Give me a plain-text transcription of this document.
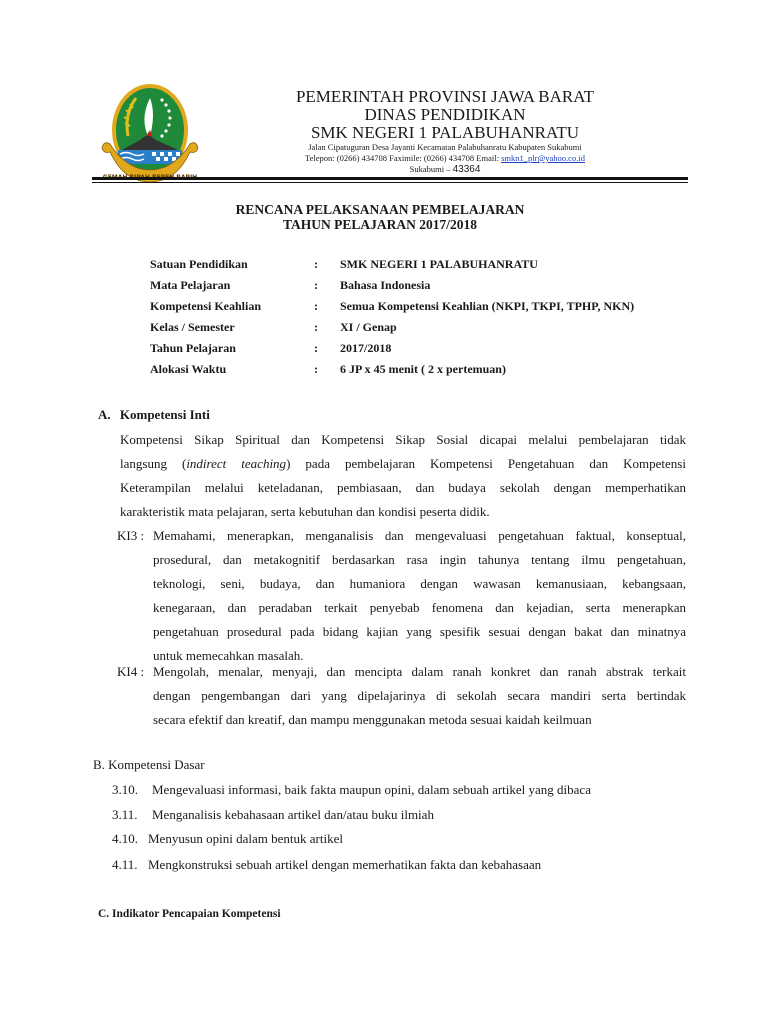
PEMERINTAH PROVINSI JAWA BARAT
DINAS PENDIDIKAN
SMK NEGERI 1 PALABUHANRATU
Jalan Cipatuguran Desa Jayanti Kecamatan Palabuhanratu Kabupaten Sukabumi
Telepon: (0266) 434708 Faximile: (0266) 434708 Email: smkn1_plr@yahoo.co.id
Sukabumi – 43364
RENCANA PELAKSANAAN PEMBELAJARAN
TAHUN PELAJARAN 2017/2018
Satuan Pendidikan	: SMK NEGERI 1 PALABUHANRATU
Mata Pelajaran	: Bahasa Indonesia
Kompetensi Keahlian	: Semua Kompetensi Keahlian (NKPI, TKPI, TPHP, NKN)
Kelas / Semester	: XI / Genap
Tahun Pelajaran	: 2017/2018
Alokasi Waktu	: 6 JP x 45 menit ( 2 x pertemuan)
A. Kompetensi Inti
Kompetensi Sikap Spiritual dan Kompetensi Sikap Sosial dicapai melalui pembelajaran tidak
langsung (indirect teaching) pada pembelajaran Kompetensi Pengetahuan dan Kompetensi
Keterampilan melalui keteladanan, pembiasaan, dan budaya sekolah dengan memperhatikan
karakteristik mata pelajaran, serta kebutuhan dan kondisi peserta didik.
KI3 : Memahami, menerapkan, menganalisis dan mengevaluasi pengetahuan faktual, konseptual,
prosedural, dan metakognitif berdasarkan rasa ingin tahunya tentang ilmu pengetahuan,
teknologi, seni, budaya, dan humaniora dengan wawasan kemanusiaan, kebangsaan,
kenegaraan, dan peradaban terkait penyebab fenomena dan kejadian, serta menerapkan
pengetahuan prosedural pada bidang kajian yang spesifik sesuai dengan bakat dan minatnya
untuk memecahkan masalah.
KI4 : Mengolah, menalar, menyaji, dan mencipta dalam ranah konkret dan ranah abstrak terkait
dengan pengembangan dari yang dipelajarinya di sekolah secara mandiri serta bertindak
secara efektif dan kreatif, dan mampu menggunakan metoda sesuai kaidah keilmuan
B. Kompetensi Dasar
3.10. Mengevaluasi informasi, baik fakta maupun opini, dalam sebuah artikel yang dibaca
3.11. Menganalisis kebahasaan artikel dan/atau buku ilmiah
4.10. Menyusun opini dalam bentuk artikel
4.11. Mengkonstruksi sebuah artikel dengan memerhatikan fakta dan kebahasaan
C. Indikator Pencapaian Kompetensi
